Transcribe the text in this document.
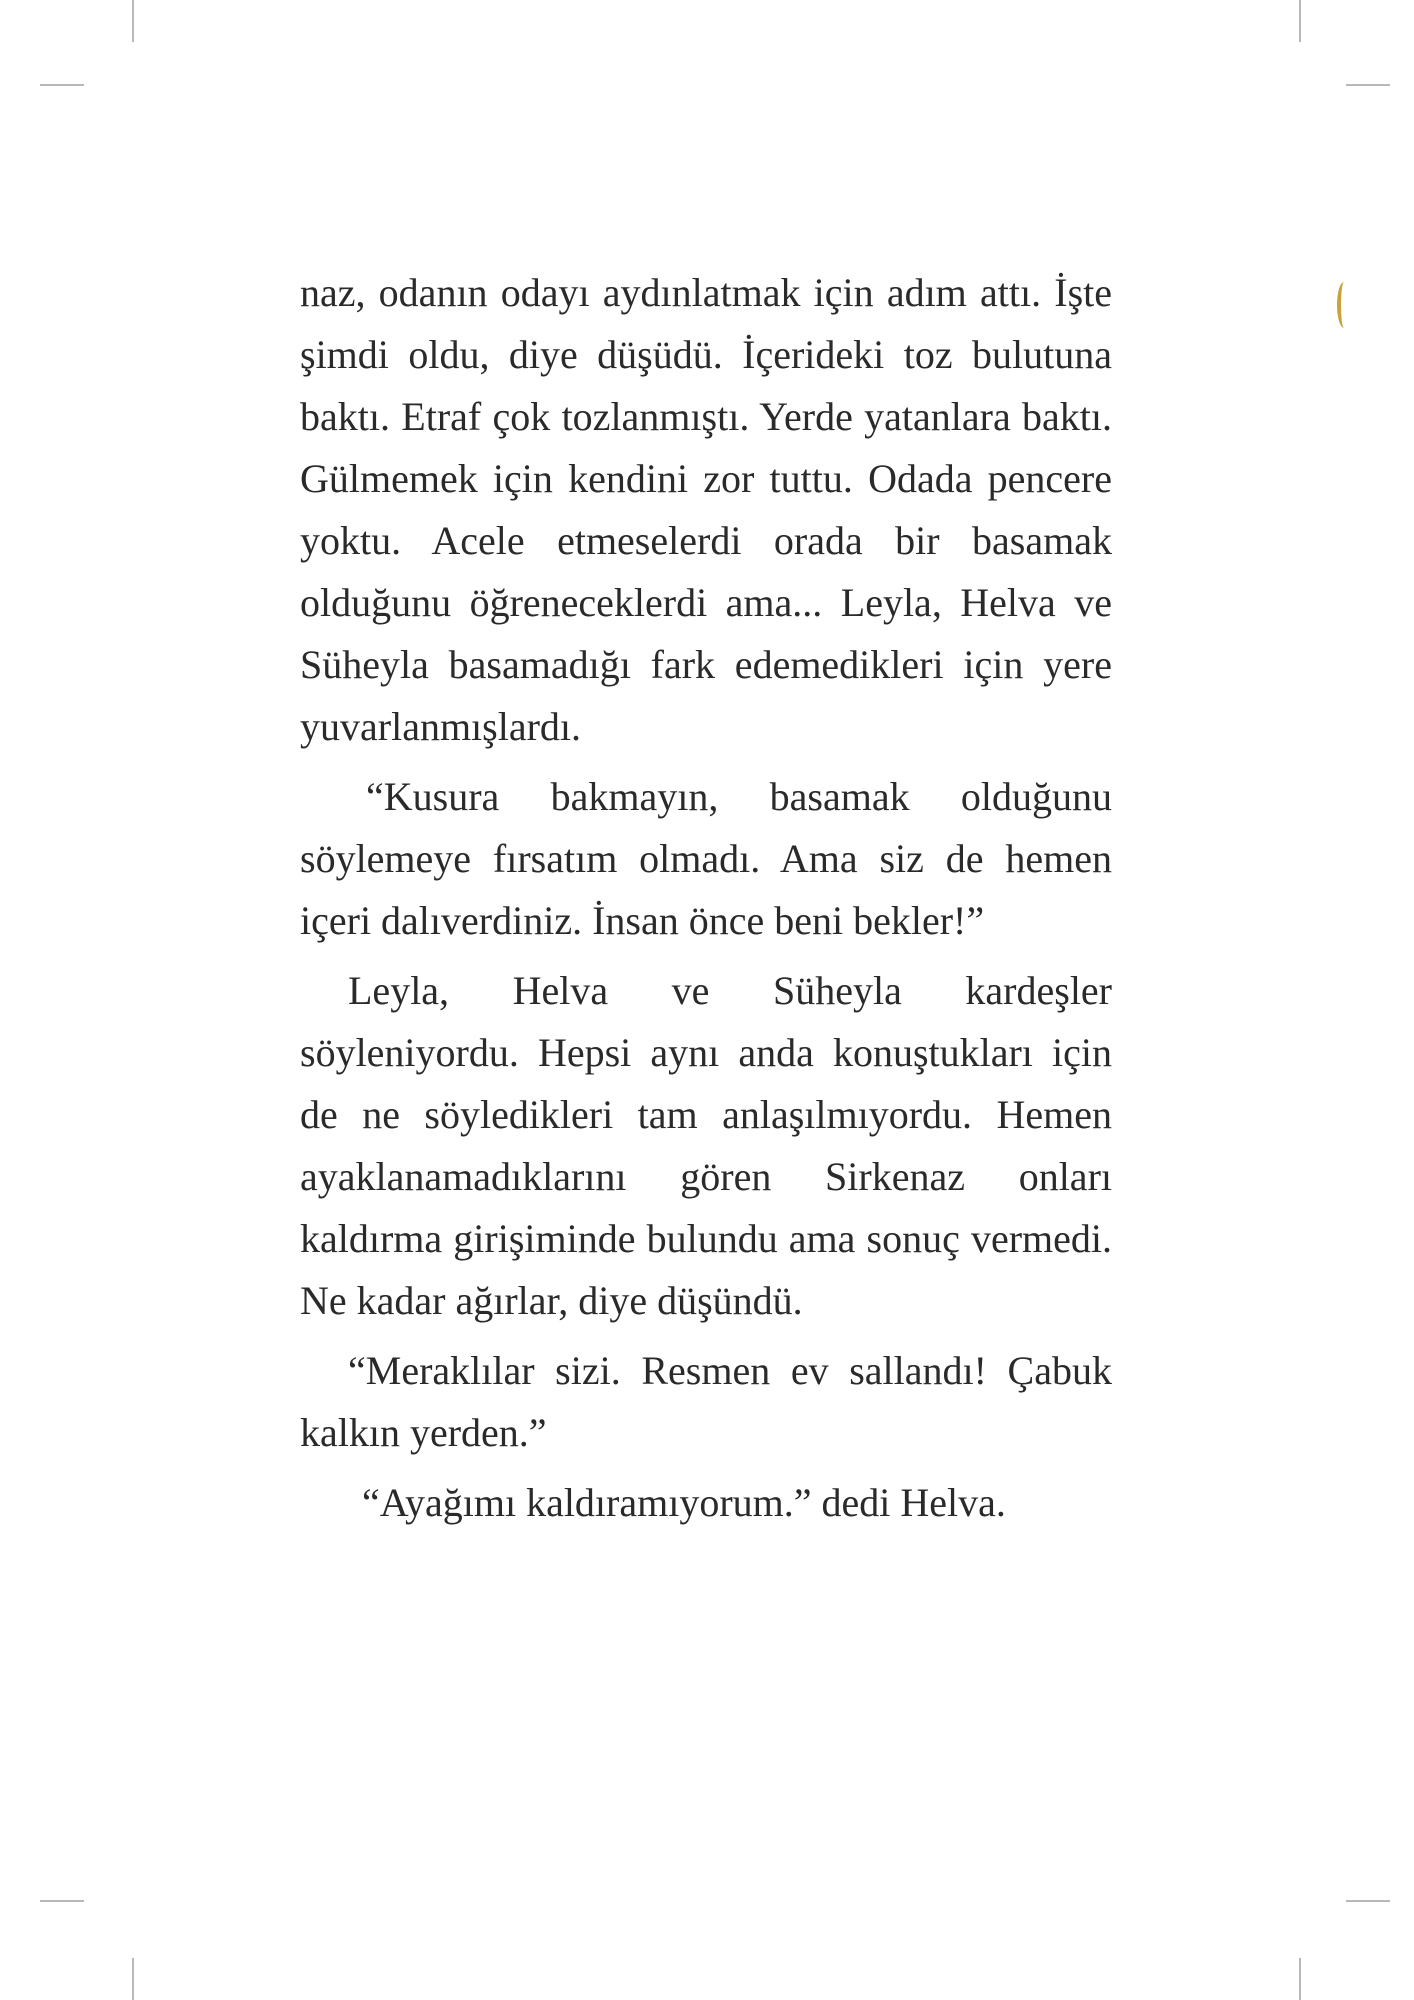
naz, odanın odayı aydınlatmak için adım attı. İşte şimdi oldu, diye düşüdü. İçerideki toz bulutuna baktı. Etraf çok tozlanmıştı. Yerde yatanlara baktı. Gülmemek için kendini zor tuttu. Odada pencere yoktu. Acele etmeselerdi orada bir basamak olduğunu öğreneceklerdi ama... Leyla, Helva ve Süheyla basamadığı fark edemedikleri için yere yuvarlanmışlardı.

“Kusura bakmayın, basamak olduğunu söylemeye fırsatım olmadı. Ama siz de hemen içeri dalıverdiniz. İnsan önce beni bekler!”

Leyla, Helva ve Süheyla kardeşler söyleniyordu. Hepsi aynı anda konuştukları için de ne söyledikleri tam anlaşılmıyordu. Hemen ayaklanamadıklarını gören Sirkenaz onları kaldırma girişiminde bulundu ama sonuç vermedi. Ne kadar ağırlar, diye düşündü.

“Meraklılar sizi. Resmen ev sallandı! Çabuk kalkın yerden.”

“Ayağımı kaldıramıyorum.” dedi Helva.
